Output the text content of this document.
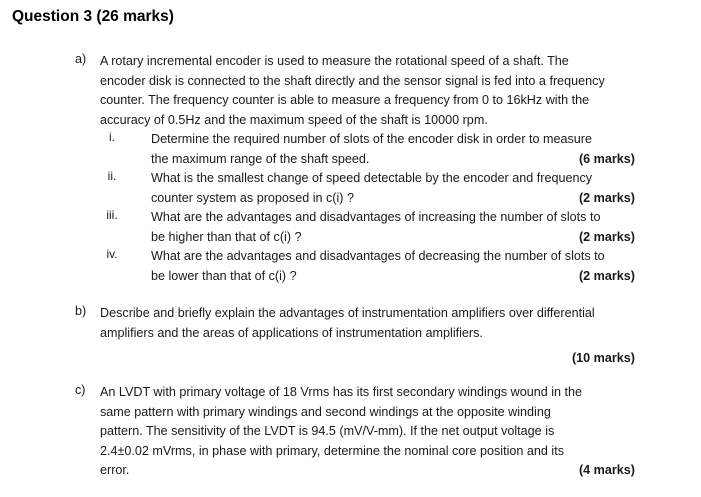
Question 3 (26 marks)
a) A rotary incremental encoder is used to measure the rotational speed of a shaft. The
encoder disk is connected to the shaft directly and the sensor signal is fed into a frequency
counter. The frequency counter is able to measure a frequency from 0 to 16kHz with the
accuracy of 0.5Hz and the maximum speed of the shaft is 10000 rpm.
i.	Determine the required number of slots of the encoder disk in order to measure
the maximum range of the shaft speed.	(6 marks)
ii.	What is the smallest change of speed detectable by the encoder and frequency
counter system as proposed in c(i) ?	(2 marks)
iii.	What are the advantages and disadvantages of increasing the number of slots to
be higher than that of c(i) ?	(2 marks)
iv.	What are the advantages and disadvantages of decreasing the number of slots to
be lower than that of c(i) ?	(2 marks)
b) Describe and briefly explain the advantages of instrumentation amplifiers over differential
amplifiers and the areas of applications of instrumentation amplifiers.
(10 marks)
c) An LVDT with primary voltage of 18 Vrms has its first secondary windings wound in the
same pattern with primary windings and second windings at the opposite winding
pattern. The sensitivity of the LVDT is 94.5 (mV/V-mm). If the net output voltage is
2.4±0.02 mVrms, in phase with primary, determine the nominal core position and its
error.	(4 marks)
